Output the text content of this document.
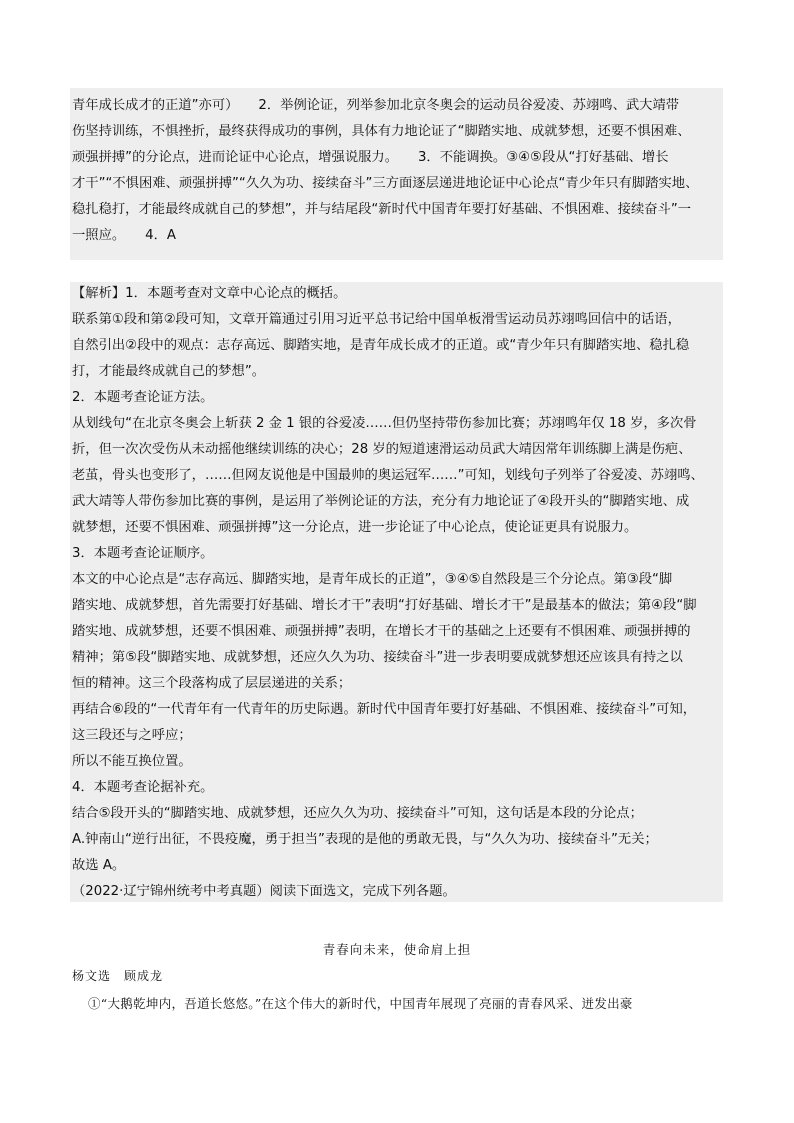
青年成长成才的正道”亦可）　　2．举例论证，列举参加北京冬奥会的运动员谷爱凌、苏翊鸣、武大靖带
伤坚持训练，不惧挫折，最终获得成功的事例，具体有力地论证了“脚踏实地、成就梦想，还要不惧困难、
顽强拼搏”的分论点，进而论证中心论点，增强说服力。　　3．不能调换。③④⑤段从“打好基础、增长
才干”“不惧困难、顽强拼搏”“久久为功、接续奋斗”三方面逐层递进地论证中心论点“青少年只有脚踏实地、
稳扎稳打，才能最终成就自己的梦想”，并与结尾段“新时代中国青年要打好基础、不惧困难、接续奋斗”一
一照应。　　4．A
【解析】1．本题考查对文章中心论点的概括。
联系第①段和第②段可知，文章开篇通过引用习近平总书记给中国单板滑雪运动员苏翊鸣回信中的话语，
自然引出②段中的观点：志存高远、脚踏实地，是青年成长成才的正道。或“青少年只有脚踏实地、稳扎稳
打，才能最终成就自己的梦想”。
2．本题考查论证方法。
从划线句“在北京冬奥会上斩获 2 金 1 银的谷爱凌……但仍坚持带伤参加比赛；苏翊鸣年仅 18 岁，多次骨
折，但一次次受伤从未动摇他继续训练的决心；28 岁的短道速滑运动员武大靖因常年训练脚上满是伤疤、
老茧，骨头也变形了，……但网友说他是中国最帅的奥运冠军……”可知，划线句子列举了谷爱凌、苏翊鸣、
武大靖等人带伤参加比赛的事例，是运用了举例论证的方法，充分有力地论证了④段开头的“脚踏实地、成
就梦想，还要不惧困难、顽强拼搏”这一分论点，进一步论证了中心论点，使论证更具有说服力。
3．本题考查论证顺序。
本文的中心论点是“志存高远、脚踏实地，是青年成长的正道”，③④⑤自然段是三个分论点。第③段“脚
踏实地、成就梦想，首先需要打好基础、增长才干”表明“打好基础、增长才干”是最基本的做法；第④段“脚
踏实地、成就梦想，还要不惧困难、顽强拼搏”表明，在增长才干的基础之上还要有不惧困难、顽强拼搏的
精神；第⑤段“脚踏实地、成就梦想，还应久久为功、接续奋斗”进一步表明要成就梦想还应该具有持之以
恒的精神。这三个段落构成了层层递进的关系；
再结合⑥段的“一代青年有一代青年的历史际遇。新时代中国青年要打好基础、不惧困难、接续奋斗”可知，
这三段还与之呼应；
所以不能互换位置。
4．本题考查论据补充。
结合⑤段开头的“脚踏实地、成就梦想，还应久久为功、接续奋斗”可知，这句话是本段的分论点；
A.钟南山“逆行出征，不畏疫魔，勇于担当”表现的是他的勇敢无畏，与“久久为功、接续奋斗”无关；
故选 A。
（2022·辽宁锦州统考中考真题）阅读下面选文，完成下列各题。
青春向未来，使命肩上担
杨文选　顾成龙
①“大鹅乾坤内，吾道长悠悠。”在这个伟大的新时代，中国青年展现了亮丽的青春风采、迸发出豪
